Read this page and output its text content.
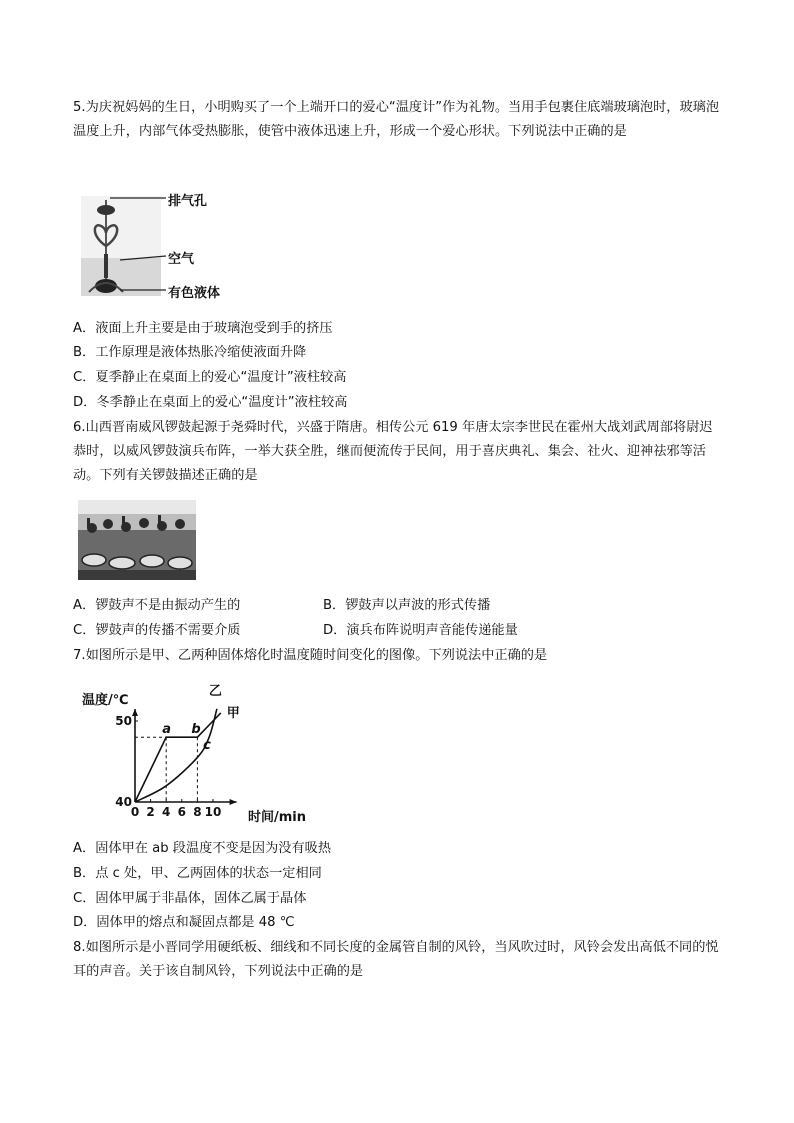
5.为庆祝妈妈的生日，小明购买了一个上端开口的爱心“温度计”作为礼物。当用手包裹住底端玻璃泡时，玻璃泡温度上升，内部气体受热膨胀，使管中液体迅速上升，形成一个爱心形状。下列说法中正确的是

排气孔
空气
有色液体

A．液面上升主要是由于玻璃泡受到手的挤压

B．工作原理是液体热胀冷缩使液面升降

C．夏季静止在桌面上的爱心“温度计”液柱较高

D．冬季静止在桌面上的爱心“温度计”液柱较高

6.山西晋南威风锣鼓起源于尧舜时代，兴盛于隋唐。相传公元 619 年唐太宗李世民在霍州大战刘武周部将尉迟恭时，以威风锣鼓演兵布阵，一举大获全胜，继而便流传于民间，用于喜庆典礼、集会、社火、迎神祛邪等活动。下列有关锣鼓描述正确的是

A．锣鼓声不是由振动产生的	B．锣鼓声以声波的形式传播

C．锣鼓声的传播不需要介质	D．演兵布阵说明声音能传递能量

7.如图所示是甲、乙两种固体熔化时温度随时间变化的图像。下列说法中正确的是

温度/℃
时间/min
0 2 4 6 8 10
40
50
甲
乙
a b
c

A．固体甲在 ab 段温度不变是因为没有吸热

B．点 c 处，甲、乙两固体的状态一定相同

C．固体甲属于非晶体，固体乙属于晶体

D．固体甲的熔点和凝固点都是 48 ℃

8.如图所示是小晋同学用硬纸板、细线和不同长度的金属管自制的风铃，当风吹过时，风铃会发出高低不同的悦耳的声音。关于该自制风铃，下列说法中正确的是
